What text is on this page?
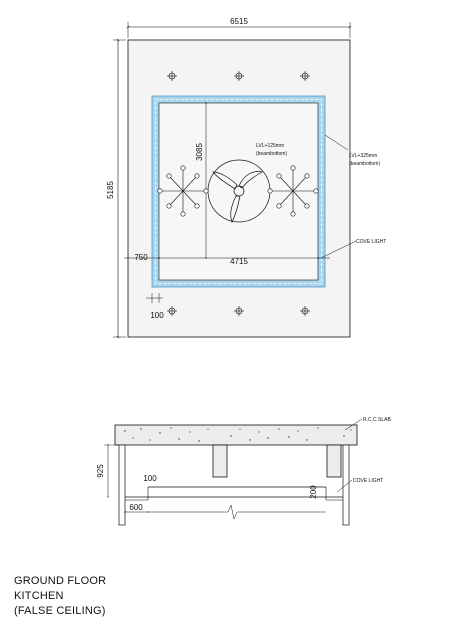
6515
5185
3085
4715
750
LVL+125mm
(beambottom)	LVL+325mm
(beambottom)
COVE LIGHT
100
925
100
200
600
R.C.C SLAB
COVE LIGHT
GROUND FLOOR
KITCHEN
(FALSE CEILING)
